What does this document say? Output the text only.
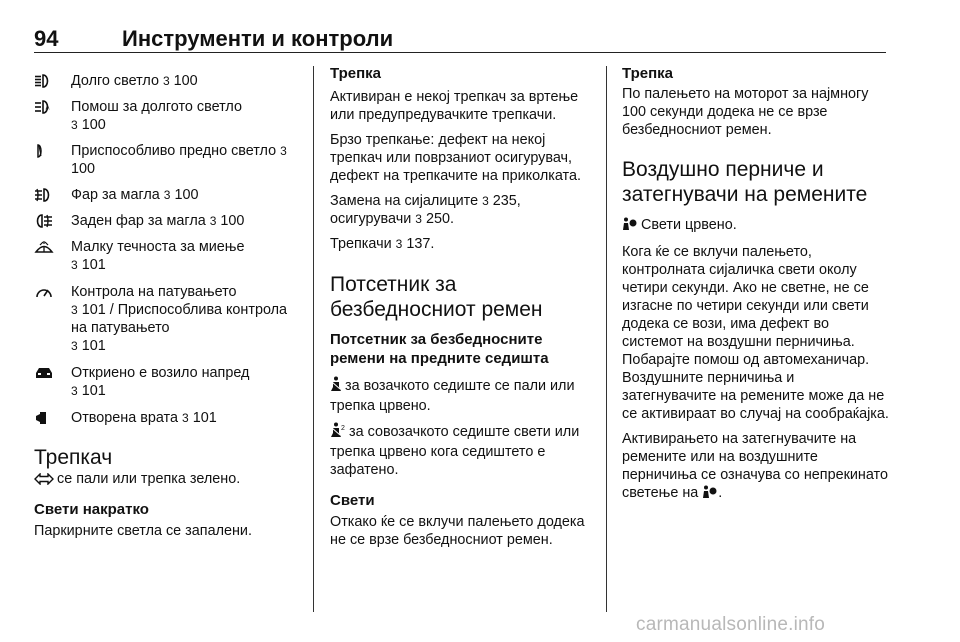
94	Инструменти и контроли
Долго светло 3 100
A Помош за долгото светло
3 100
Приспособливо предно светло 3 100
Фар за магла 3 100
Заден фар за магла 3 100
Малку течноста за миење
3 101
Контрола на патувањето
3 101 / Приспособлива контрола на патувањето
3 101
Откриено е возило напред
3 101
Отворена врата 3 101

Трепкач

се пали или трепка зелено.

Свети накратко

Паркирните светла се запалени.

Трепка

Активиран е некој трепкач за вртење или предупредувачките трепкачи.

Брзо трепкање: дефект на некој трепкач или поврзаниот осигурувач, дефект на трепкачите на приколката.

Замена на сијалиците 3 235,
осигурувачи 3 250.

Трепкачи 3 137.

Потсетник за безбедносниот ремен

Потсетник за безбедносните ремени на предните седишта

за возачкото седиште се пали или трепка црвено.

2 за совозачкото седиште свети или трепка црвено кога седиштето е зафатено.

Свети

Откако ќе се вклучи палењето додека не се врзе безбедносниот ремен.

Трепка

По палењето на моторот за најмногу 100 секунди додека не се врзе безбедносниот ремен.

Воздушно перниче и затегнувачи на ремените

Свети црвено.

Кога ќе се вклучи палењето, контролната сијаличка свети околу четири секунди. Ако не светне, не се изгасне по четири секунди или свети додека се вози, има дефект во системот на воздушни перничиња. Побарајте помош од автомеханичар. Воздушните перничиња и затегнувачите на ремените може да не се активираат во случај на сообраќајка.

Активирањето на затегнувачите на ремените или на воздушните перничиња се означува со непрекинато светење на .

carmanualsonline.info
